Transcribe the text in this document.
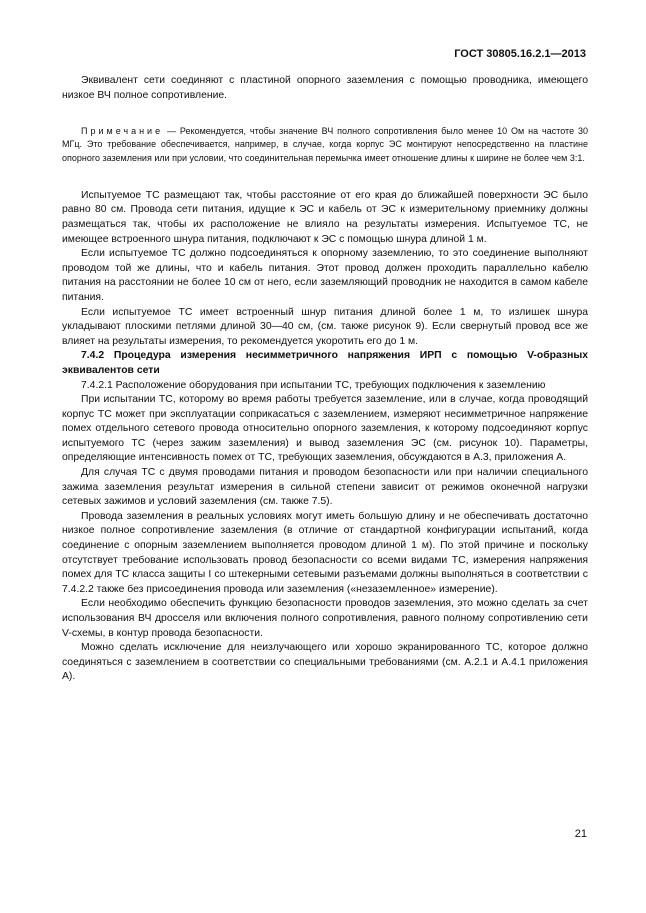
ГОСТ 30805.16.2.1—2013

Эквивалент сети соединяют с пластиной опорного заземления с помощью проводника, имеющего низкое ВЧ полное сопротивление.

Примечание — Рекомендуется, чтобы значение ВЧ полного сопротивления было менее 10 Ом на частоте 30 МГц. Это требование обеспечивается, например, в случае, когда корпус ЭС монтируют непосредственно на пластине опорного заземления или при условии, что соединительная перемычка имеет отношение длины к ширине не более чем 3:1.

Испытуемое ТС размещают так, чтобы расстояние от его края до ближайшей поверхности ЭС было равно 80 см. Провода сети питания, идущие к ЭС и кабель от ЭС к измерительному приемнику должны размещаться так, чтобы их расположение не влияло на результаты измерения. Испытуемое ТС, не имеющее встроенного шнура питания, подключают к ЭС с помощью шнура длиной 1 м.

Если испытуемое ТС должно подсоединяться к опорному заземлению, то это соединение выполняют проводом той же длины, что и кабель питания. Этот провод должен проходить параллельно кабелю питания на расстоянии не более 10 см от него, если заземляющий проводник не находится в самом кабеле питания.

Если испытуемое ТС имеет встроенный шнур питания длиной более 1 м, то излишек шнура укладывают плоскими петлями длиной 30—40 см, (см. также рисунок 9). Если свернутый провод все же влияет на результаты измерения, то рекомендуется укоротить его до 1 м.

7.4.2 Процедура измерения несимметричного напряжения ИРП с помощью V-образных эквивалентов сети

7.4.2.1 Расположение оборудования при испытании ТС, требующих подключения к заземлению

При испытании ТС, которому во время работы требуется заземление, или в случае, когда проводящий корпус ТС может при эксплуатации соприкасаться с заземлением, измеряют несимметричное напряжение помех отдельного сетевого провода относительно опорного заземления, к которому подсоединяют корпус испытуемого ТС (через зажим заземления) и вывод заземления ЭС (см. рисунок 10). Параметры, определяющие интенсивность помех от ТС, требующих заземления, обсуждаются в А.3, приложения А.

Для случая ТС с двумя проводами питания и проводом безопасности или при наличии специального зажима заземления результат измерения в сильной степени зависит от режимов оконечной нагрузки сетевых зажимов и условий заземления (см. также 7.5).

Провода заземления в реальных условиях могут иметь большую длину и не обеспечивать достаточно низкое полное сопротивление заземления (в отличие от стандартной конфигурации испытаний, когда соединение с опорным заземлением выполняется проводом длиной 1 м). По этой причине и поскольку отсутствует требование использовать провод безопасности со всеми видами ТС, измерения напряжения помех для ТС класса защиты I со штекерными сетевыми разъемами должны выполняться в соответствии с 7.4.2.2 также без присоединения провода или заземления («незаземленное» измерение).

Если необходимо обеспечить функцию безопасности проводов заземления, это можно сделать за счет использования ВЧ дросселя или включения полного сопротивления, равного полному сопротивлению сети V-схемы, в контур провода безопасности.

Можно сделать исключение для неизлучающего или хорошо экранированного ТС, которое должно соединяться с заземлением в соответствии со специальными требованиями (см. А.2.1 и А.4.1 приложения А).

21
